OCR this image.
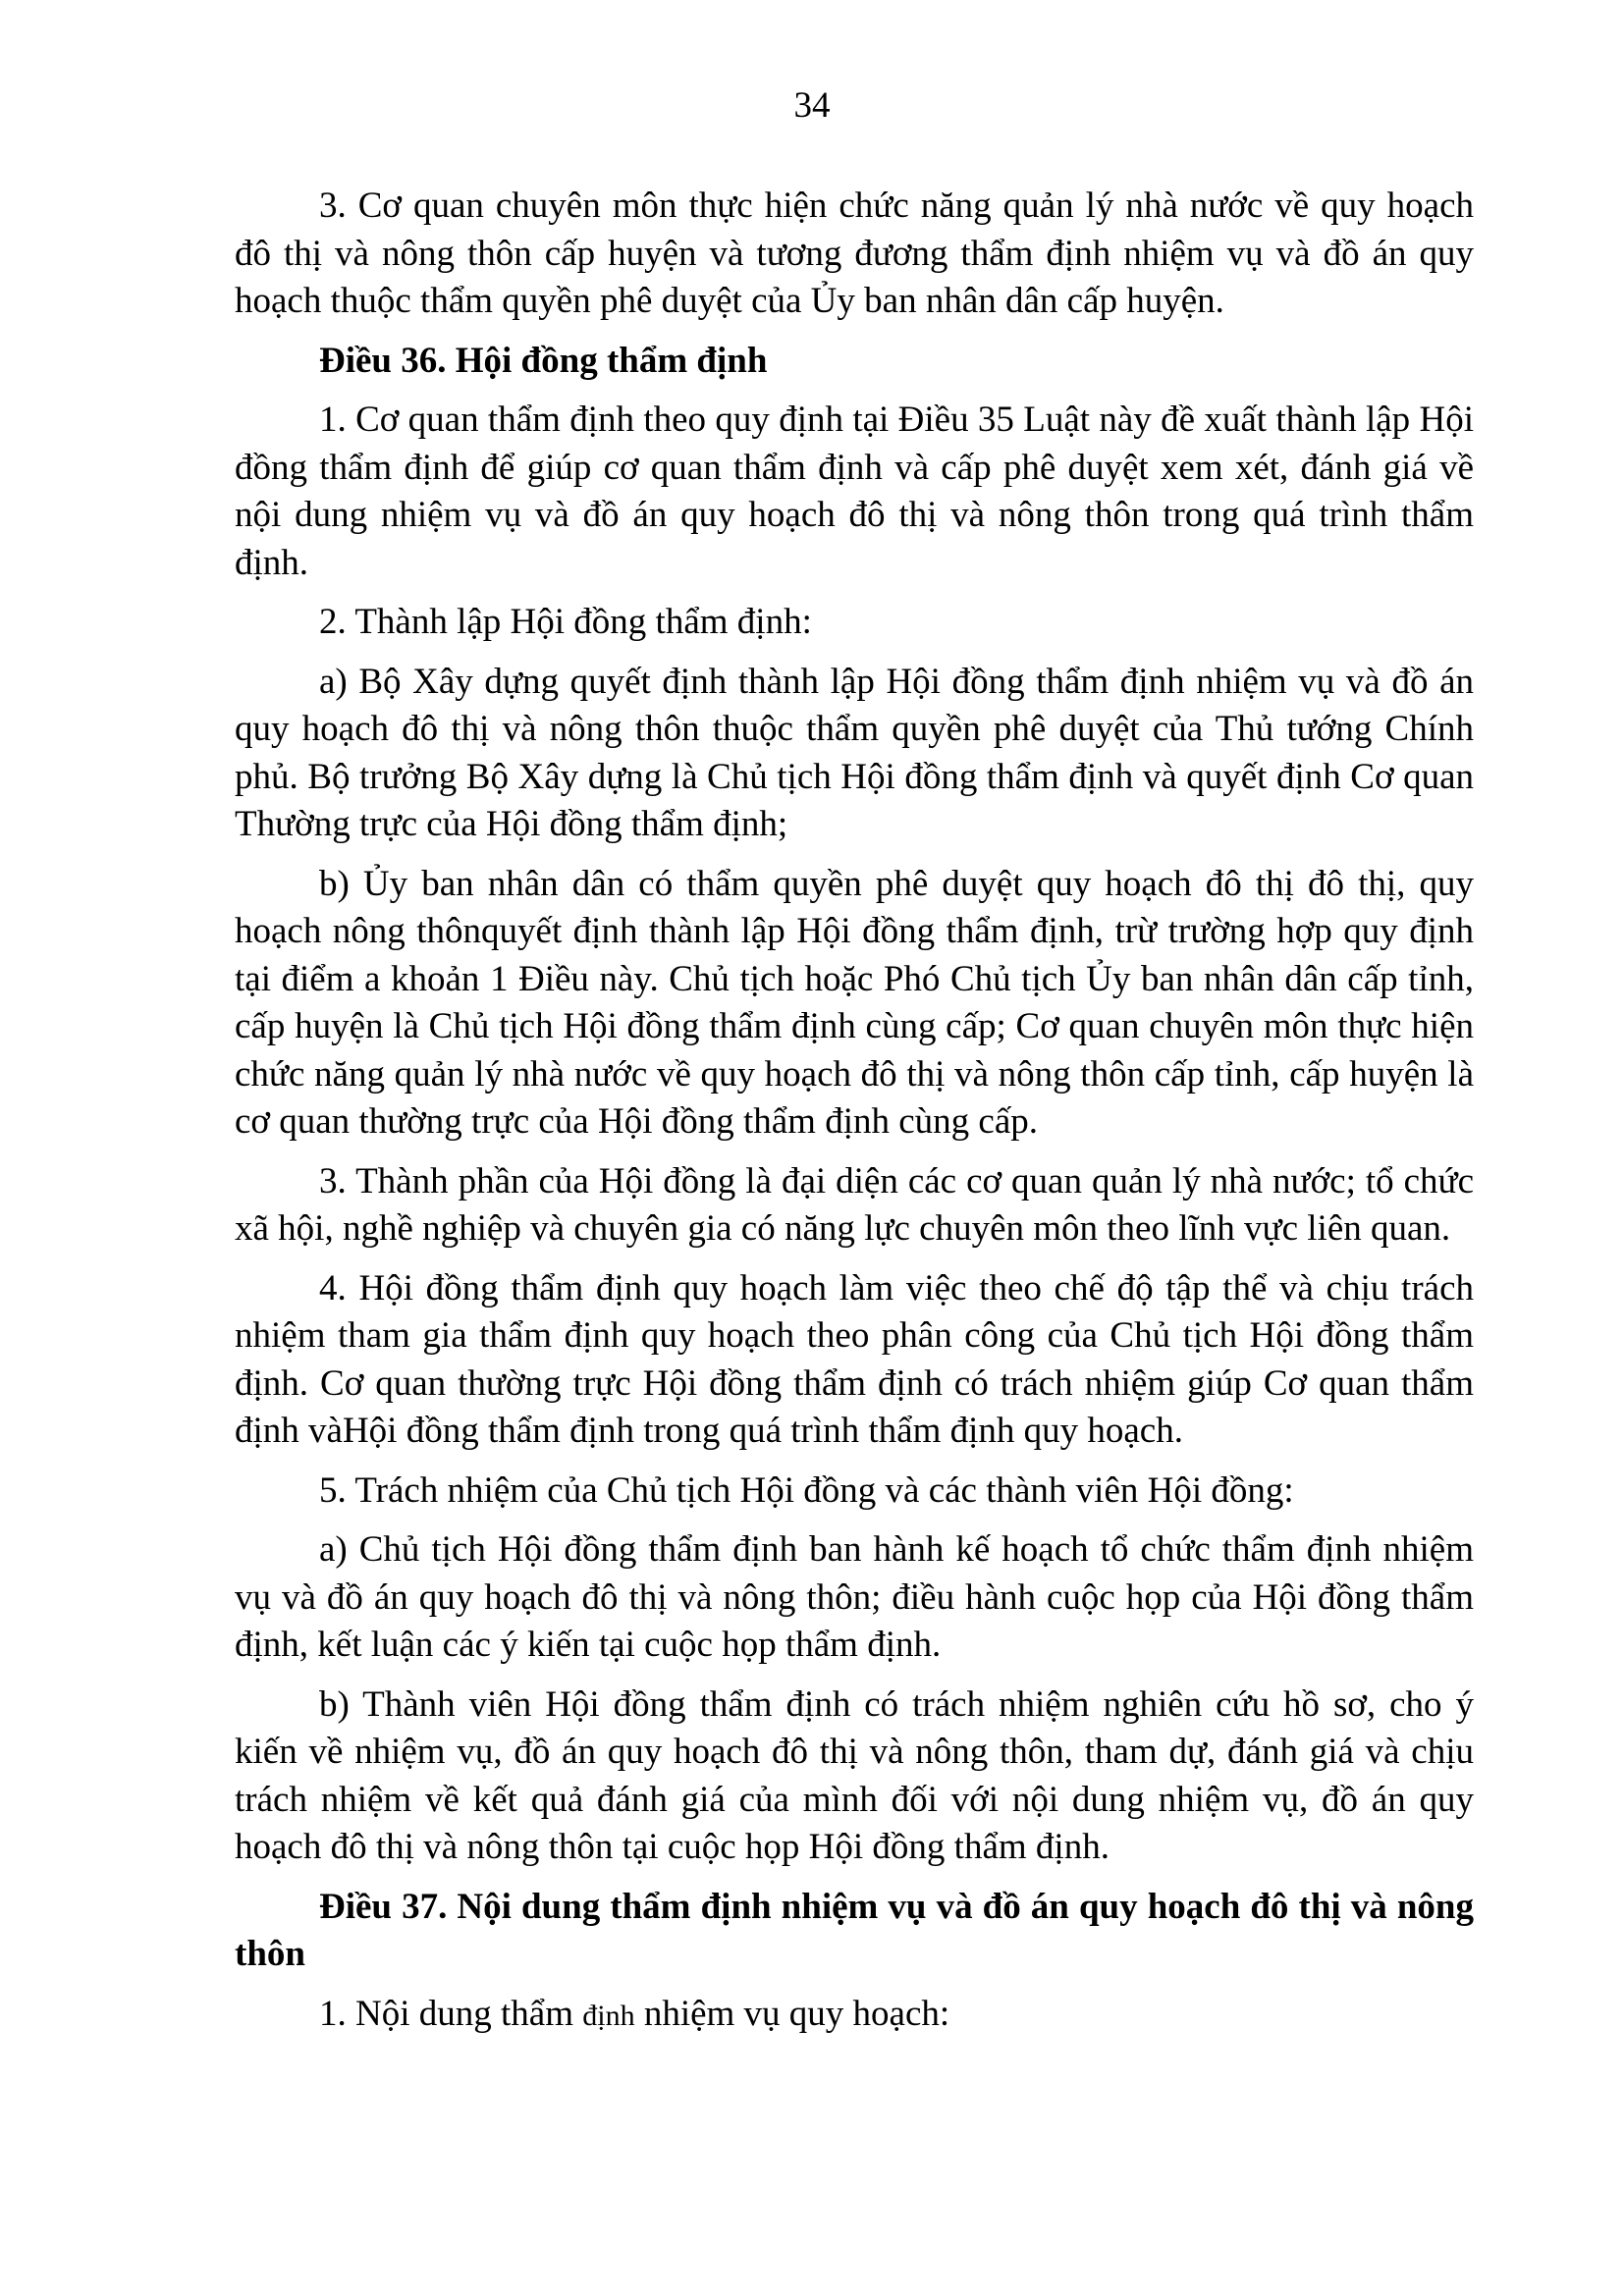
34

3. Cơ quan chuyên môn thực hiện chức năng quản lý nhà nước về quy hoạch đô thị và nông thôn cấp huyện và tương đương thẩm định nhiệm vụ và đồ án quy hoạch thuộc thẩm quyền phê duyệt của Ủy ban nhân dân cấp huyện.

Điều 36. Hội đồng thẩm định

1. Cơ quan thẩm định theo quy định tại Điều 35 Luật này đề xuất thành lập Hội đồng thẩm định để giúp cơ quan thẩm định và cấp phê duyệt xem xét, đánh giá về nội dung nhiệm vụ và đồ án quy hoạch đô thị và nông thôn trong quá trình thẩm định.

2. Thành lập Hội đồng thẩm định:

a) Bộ Xây dựng quyết định thành lập Hội đồng thẩm định nhiệm vụ và đồ án quy hoạch đô thị và nông thôn thuộc thẩm quyền phê duyệt của Thủ tướng Chính phủ. Bộ trưởng Bộ Xây dựng là Chủ tịch Hội đồng thẩm định và quyết định Cơ quan Thường trực của Hội đồng thẩm định;

b) Ủy ban nhân dân có thẩm quyền phê duyệt quy hoạch đô thị đô thị, quy hoạch nông thônquyết định thành lập Hội đồng thẩm định, trừ trường hợp quy định tại điểm a khoản 1 Điều này. Chủ tịch hoặc Phó Chủ tịch Ủy ban nhân dân cấp tỉnh, cấp huyện là Chủ tịch Hội đồng thẩm định cùng cấp; Cơ quan chuyên môn thực hiện chức năng quản lý nhà nước về quy hoạch đô thị và nông thôn cấp tỉnh, cấp huyện là cơ quan thường trực của Hội đồng thẩm định cùng cấp.

3. Thành phần của Hội đồng là đại diện các cơ quan quản lý nhà nước; tổ chức xã hội, nghề nghiệp và chuyên gia có năng lực chuyên môn theo lĩnh vực liên quan.

4. Hội đồng thẩm định quy hoạch làm việc theo chế độ tập thể và chịu trách nhiệm tham gia thẩm định quy hoạch theo phân công của Chủ tịch Hội đồng thẩm định. Cơ quan thường trực Hội đồng thẩm định có trách nhiệm giúp Cơ quan thẩm định vàHội đồng thẩm định trong quá trình thẩm định quy hoạch.

5. Trách nhiệm của Chủ tịch Hội đồng và các thành viên Hội đồng:

a) Chủ tịch Hội đồng thẩm định ban hành kế hoạch tổ chức thẩm định nhiệm vụ và đồ án quy hoạch đô thị và nông thôn; điều hành cuộc họp của Hội đồng thẩm định, kết luận các ý kiến tại cuộc họp thẩm định.

b) Thành viên Hội đồng thẩm định có trách nhiệm nghiên cứu hồ sơ, cho ý kiến về nhiệm vụ, đồ án quy hoạch đô thị và nông thôn, tham dự, đánh giá và chịu trách nhiệm về kết quả đánh giá của mình đối với nội dung nhiệm vụ, đồ án quy hoạch đô thị và nông thôn tại cuộc họp Hội đồng thẩm định.

Điều 37. Nội dung thẩm định nhiệm vụ và đồ án quy hoạch đô thị và nông thôn

1. Nội dung thẩm định nhiệm vụ quy hoạch:
